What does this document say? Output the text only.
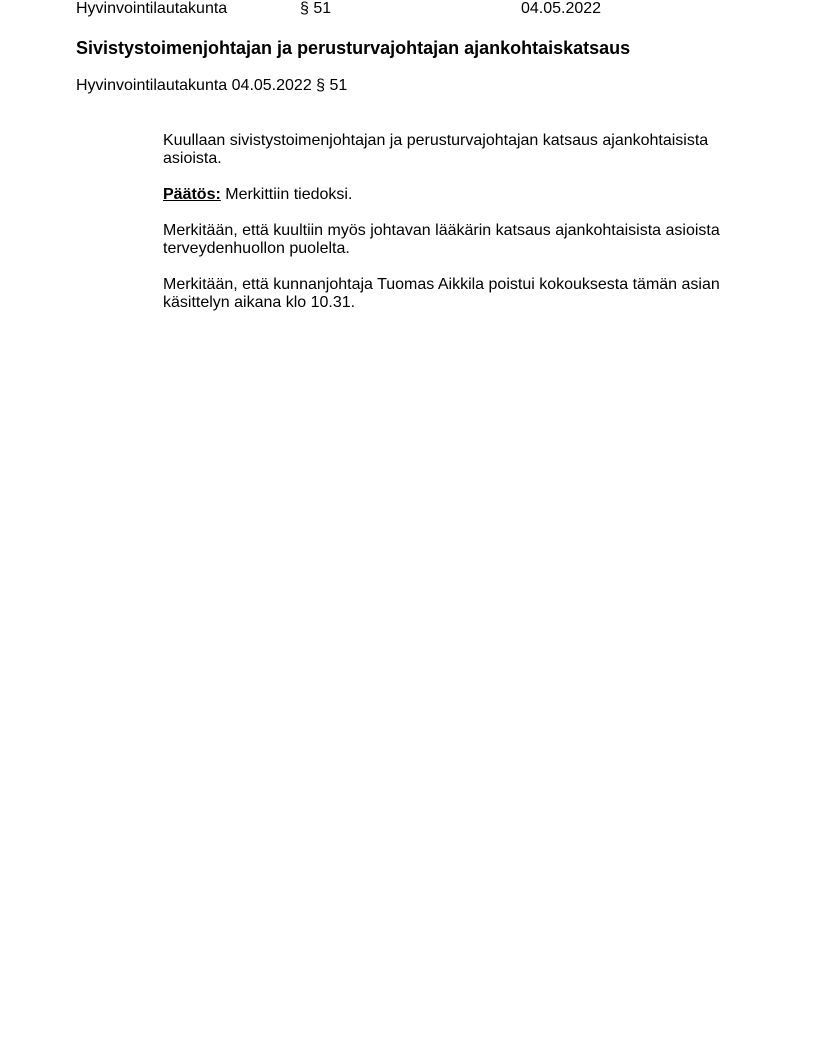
Hyvinvointilautakunta	§ 51	04.05.2022
Sivistystoimenjohtajan ja perusturvajohtajan ajankohtaiskatsaus
Hyvinvointilautakunta 04.05.2022 § 51

Kuullaan sivistystoimenjohtajan ja perusturvajohtajan katsaus ajankohtaisista asioista.

Päätös: Merkittiin tiedoksi.

Merkitään, että kuultiin myös johtavan lääkärin katsaus ajankohtaisista asioista terveydenhuollon puolelta.

Merkitään, että kunnanjohtaja Tuomas Aikkila poistui kokouksesta tämän asian käsittelyn aikana klo 10.31.
